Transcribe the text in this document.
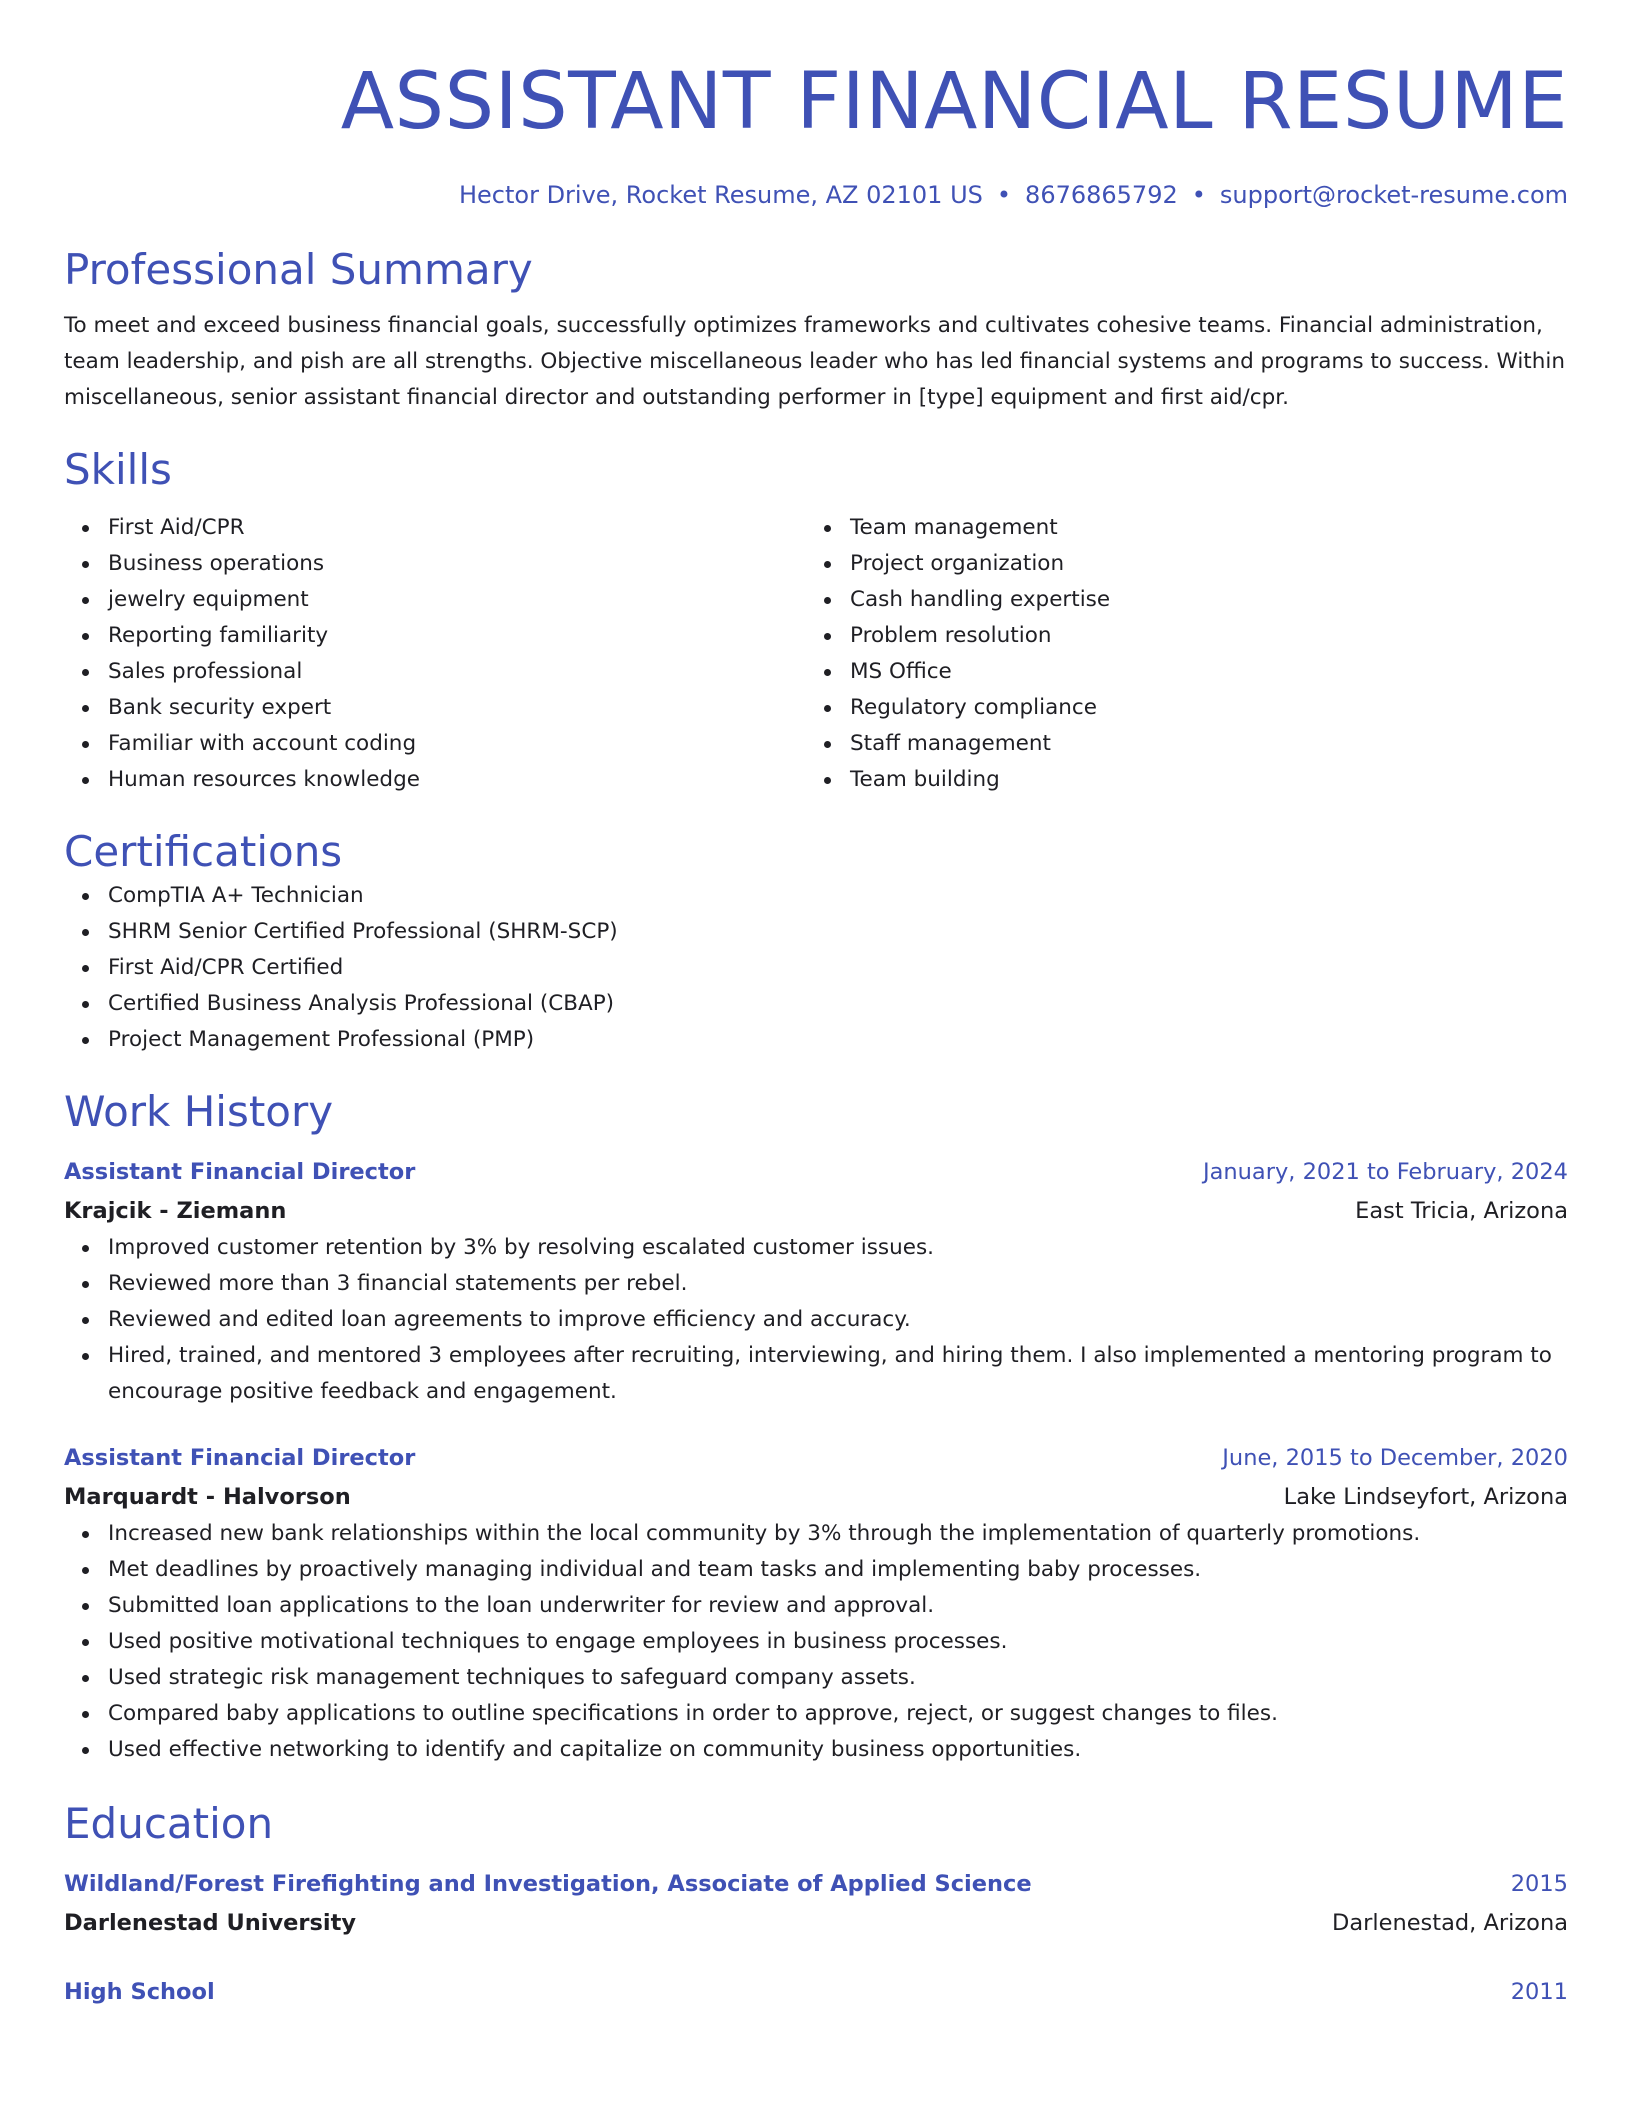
ASSISTANT FINANCIAL RESUME
Hector Drive, Rocket Resume, AZ 02101 US • 8676865792 • support@rocket-resume.com
Professional Summary

To meet and exceed business financial goals, successfully optimizes frameworks and cultivates cohesive teams. Financial administration, team leadership, and pish are all strengths. Objective miscellaneous leader who has led financial systems and programs to success. Within miscellaneous, senior assistant financial director and outstanding performer in [type] equipment and first aid/cpr.

Skills
First Aid/CPR
Business operations
jewelry equipment
Reporting familiarity
Sales professional
Bank security expert
Familiar with account coding
Human resources knowledge
Team management
Project organization
Cash handling expertise
Problem resolution
MS Office
Regulatory compliance
Staff management
Team building
Certifications
CompTIA A+ Technician
SHRM Senior Certified Professional (SHRM-SCP)
First Aid/CPR Certified
Certified Business Analysis Professional (CBAP)
Project Management Professional (PMP)
Work History
Assistant Financial Director	January, 2021 to February, 2024
Krajcik - Ziemann	East Tricia, Arizona
Improved customer retention by 3% by resolving escalated customer issues.
Reviewed more than 3 financial statements per rebel.
Reviewed and edited loan agreements to improve efficiency and accuracy.
Hired, trained, and mentored 3 employees after recruiting, interviewing, and hiring them. I also implemented a mentoring program to encourage positive feedback and engagement.
Assistant Financial Director	June, 2015 to December, 2020
Marquardt - Halvorson	Lake Lindseyfort, Arizona
Increased new bank relationships within the local community by 3% through the implementation of quarterly promotions.
Met deadlines by proactively managing individual and team tasks and implementing baby processes.
Submitted loan applications to the loan underwriter for review and approval.
Used positive motivational techniques to engage employees in business processes.
Used strategic risk management techniques to safeguard company assets.
Compared baby applications to outline specifications in order to approve, reject, or suggest changes to files.
Used effective networking to identify and capitalize on community business opportunities.
Education
Wildland/Forest Firefighting and Investigation, Associate of Applied Science	2015
Darlenestad University	Darlenestad, Arizona
High School	2011
